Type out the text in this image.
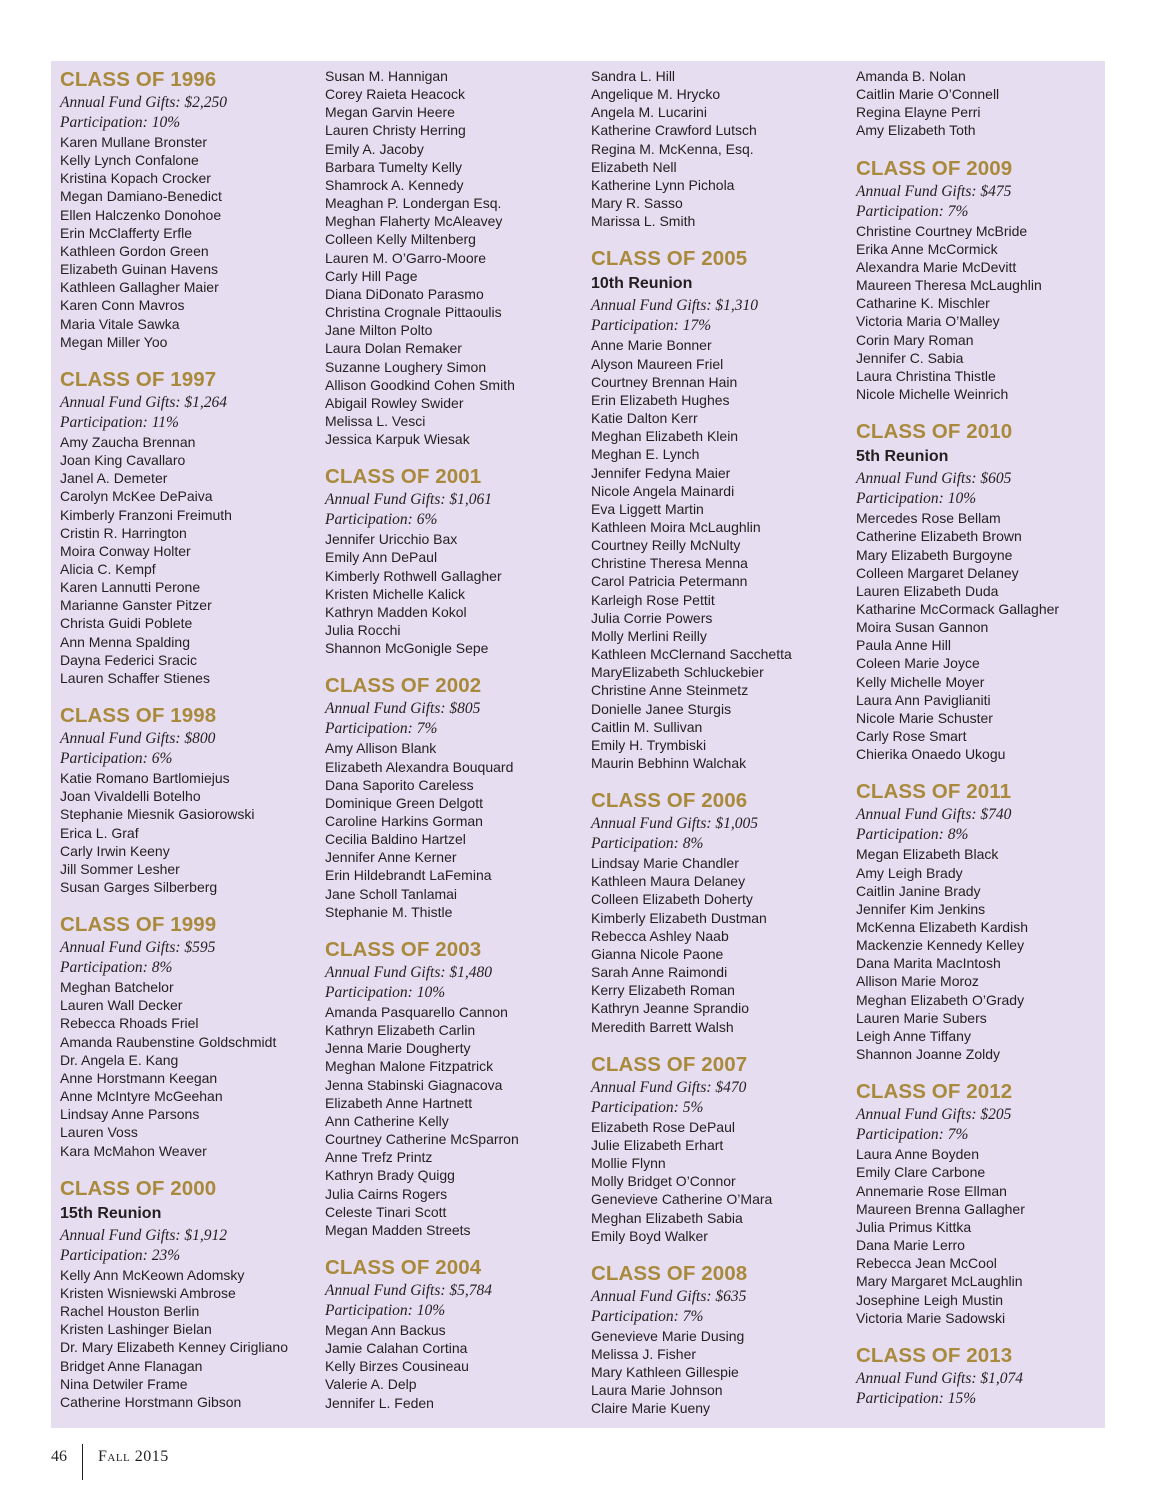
CLASS OF 1996
Annual Fund Gifts: $2,250
Participation: 10%
Karen Mullane Bronster
Kelly Lynch Confalone
Kristina Kopach Crocker
Megan Damiano-Benedict
Ellen Halczenko Donohoe
Erin McClafferty Erfle
Kathleen Gordon Green
Elizabeth Guinan Havens
Kathleen Gallagher Maier
Karen Conn Mavros
Maria Vitale Sawka
Megan Miller Yoo
CLASS OF 1997
Annual Fund Gifts: $1,264
Participation: 11%
Amy Zaucha Brennan
Joan King Cavallaro
Janel A. Demeter
Carolyn McKee DePaiva
Kimberly Franzoni Freimuth
Cristin R. Harrington
Moira Conway Holter
Alicia C. Kempf
Karen Lannutti Perone
Marianne Ganster Pitzer
Christa Guidi Poblete
Ann Menna Spalding
Dayna Federici Sracic
Lauren Schaffer Stienes
CLASS OF 1998
Annual Fund Gifts: $800
Participation: 6%
Katie Romano Bartlomiejus
Joan Vivaldelli Botelho
Stephanie Miesnik Gasiorowski
Erica L. Graf
Carly Irwin Keeny
Jill Sommer Lesher
Susan Garges Silberberg
CLASS OF 1999
Annual Fund Gifts: $595
Participation: 8%
Meghan Batchelor
Lauren Wall Decker
Rebecca Rhoads Friel
Amanda Raubenstine Goldschmidt
Dr. Angela E. Kang
Anne Horstmann Keegan
Anne McIntyre McGeehan
Lindsay Anne Parsons
Lauren Voss
Kara McMahon Weaver
CLASS OF 2000
15th Reunion
Annual Fund Gifts: $1,912
Participation: 23%
Kelly Ann McKeown Adomsky
Kristen Wisniewski Ambrose
Rachel Houston Berlin
Kristen Lashinger Bielan
Dr. Mary Elizabeth Kenney Cirigliano
Bridget Anne Flanagan
Nina Detwiler Frame
Catherine Horstmann Gibson
Susan M. Hannigan
Corey Raieta Heacock
Megan Garvin Heere
Lauren Christy Herring
Emily A. Jacoby
Barbara Tumelty Kelly
Shamrock A. Kennedy
Meaghan P. Londergan Esq.
Meghan Flaherty McAleavey
Colleen Kelly Miltenberg
Lauren M. O’Garro-Moore
Carly Hill Page
Diana DiDonato Parasmo
Christina Crognale Pittaoulis
Jane Milton Polto
Laura Dolan Remaker
Suzanne Loughery Simon
Allison Goodkind Cohen Smith
Abigail Rowley Swider
Melissa L. Vesci
Jessica Karpuk Wiesak
CLASS OF 2001
Annual Fund Gifts: $1,061
Participation: 6%
Jennifer Uricchio Bax
Emily Ann DePaul
Kimberly Rothwell Gallagher
Kristen Michelle Kalick
Kathryn Madden Kokol
Julia Rocchi
Shannon McGonigle Sepe
CLASS OF 2002
Annual Fund Gifts: $805
Participation: 7%
Amy Allison Blank
Elizabeth Alexandra Bouquard
Dana Saporito Careless
Dominique Green Delgott
Caroline Harkins Gorman
Cecilia Baldino Hartzel
Jennifer Anne Kerner
Erin Hildebrandt LaFemina
Jane Scholl Tanlamai
Stephanie M. Thistle
CLASS OF 2003
Annual Fund Gifts: $1,480
Participation: 10%
Amanda Pasquarello Cannon
Kathryn Elizabeth Carlin
Jenna Marie Dougherty
Meghan Malone Fitzpatrick
Jenna Stabinski Giagnacova
Elizabeth Anne Hartnett
Ann Catherine Kelly
Courtney Catherine McSparron
Anne Trefz Printz
Kathryn Brady Quigg
Julia Cairns Rogers
Celeste Tinari Scott
Megan Madden Streets
CLASS OF 2004
Annual Fund Gifts: $5,784
Participation: 10%
Megan Ann Backus
Jamie Calahan Cortina
Kelly Birzes Cousineau
Valerie A. Delp
Jennifer L. Feden
Sandra L. Hill
Angelique M. Hrycko
Angela M. Lucarini
Katherine Crawford Lutsch
Regina M. McKenna, Esq.
Elizabeth Nell
Katherine Lynn Pichola
Mary R. Sasso
Marissa L. Smith
CLASS OF 2005
10th Reunion
Annual Fund Gifts: $1,310
Participation: 17%
Anne Marie Bonner
Alyson Maureen Friel
Courtney Brennan Hain
Erin Elizabeth Hughes
Katie Dalton Kerr
Meghan Elizabeth Klein
Meghan E. Lynch
Jennifer Fedyna Maier
Nicole Angela Mainardi
Eva Liggett Martin
Kathleen Moira McLaughlin
Courtney Reilly McNulty
Christine Theresa Menna
Carol Patricia Petermann
Karleigh Rose Pettit
Julia Corrie Powers
Molly Merlini Reilly
Kathleen McClernand Sacchetta
MaryElizabeth Schluckebier
Christine Anne Steinmetz
Donielle Janee Sturgis
Caitlin M. Sullivan
Emily H. Trymbiski
Maurin Bebhinn Walchak
CLASS OF 2006
Annual Fund Gifts: $1,005
Participation: 8%
Lindsay Marie Chandler
Kathleen Maura Delaney
Colleen Elizabeth Doherty
Kimberly Elizabeth Dustman
Rebecca Ashley Naab
Gianna Nicole Paone
Sarah Anne Raimondi
Kerry Elizabeth Roman
Kathryn Jeanne Sprandio
Meredith Barrett Walsh
CLASS OF 2007
Annual Fund Gifts: $470
Participation: 5%
Elizabeth Rose DePaul
Julie Elizabeth Erhart
Mollie Flynn
Molly Bridget O’Connor
Genevieve Catherine O’Mara
Meghan Elizabeth Sabia
Emily Boyd Walker
CLASS OF 2008
Annual Fund Gifts: $635
Participation: 7%
Genevieve Marie Dusing
Melissa J. Fisher
Mary Kathleen Gillespie
Laura Marie Johnson
Claire Marie Kueny
Amanda B. Nolan
Caitlin Marie O’Connell
Regina Elayne Perri
Amy Elizabeth Toth
CLASS OF 2009
Annual Fund Gifts: $475
Participation: 7%
Christine Courtney McBride
Erika Anne McCormick
Alexandra Marie McDevitt
Maureen Theresa McLaughlin
Catharine K. Mischler
Victoria Maria O’Malley
Corin Mary Roman
Jennifer C. Sabia
Laura Christina Thistle
Nicole Michelle Weinrich
CLASS OF 2010
5th Reunion
Annual Fund Gifts: $605
Participation: 10%
Mercedes Rose Bellam
Catherine Elizabeth Brown
Mary Elizabeth Burgoyne
Colleen Margaret Delaney
Lauren Elizabeth Duda
Katharine McCormack Gallagher
Moira Susan Gannon
Paula Anne Hill
Coleen Marie Joyce
Kelly Michelle Moyer
Laura Ann Paviglianiti
Nicole Marie Schuster
Carly Rose Smart
Chierika Onaedo Ukogu
CLASS OF 2011
Annual Fund Gifts: $740
Participation: 8%
Megan Elizabeth Black
Amy Leigh Brady
Caitlin Janine Brady
Jennifer Kim Jenkins
McKenna Elizabeth Kardish
Mackenzie Kennedy Kelley
Dana Marita MacIntosh
Allison Marie Moroz
Meghan Elizabeth O’Grady
Lauren Marie Subers
Leigh Anne Tiffany
Shannon Joanne Zoldy
CLASS OF 2012
Annual Fund Gifts: $205
Participation: 7%
Laura Anne Boyden
Emily Clare Carbone
Annemarie Rose Ellman
Maureen Brenna Gallagher
Julia Primus Kittka
Dana Marie Lerro
Rebecca Jean McCool
Mary Margaret McLaughlin
Josephine Leigh Mustin
Victoria Marie Sadowski
CLASS OF 2013
Annual Fund Gifts: $1,074
Participation: 15%
46 Fall 2015
